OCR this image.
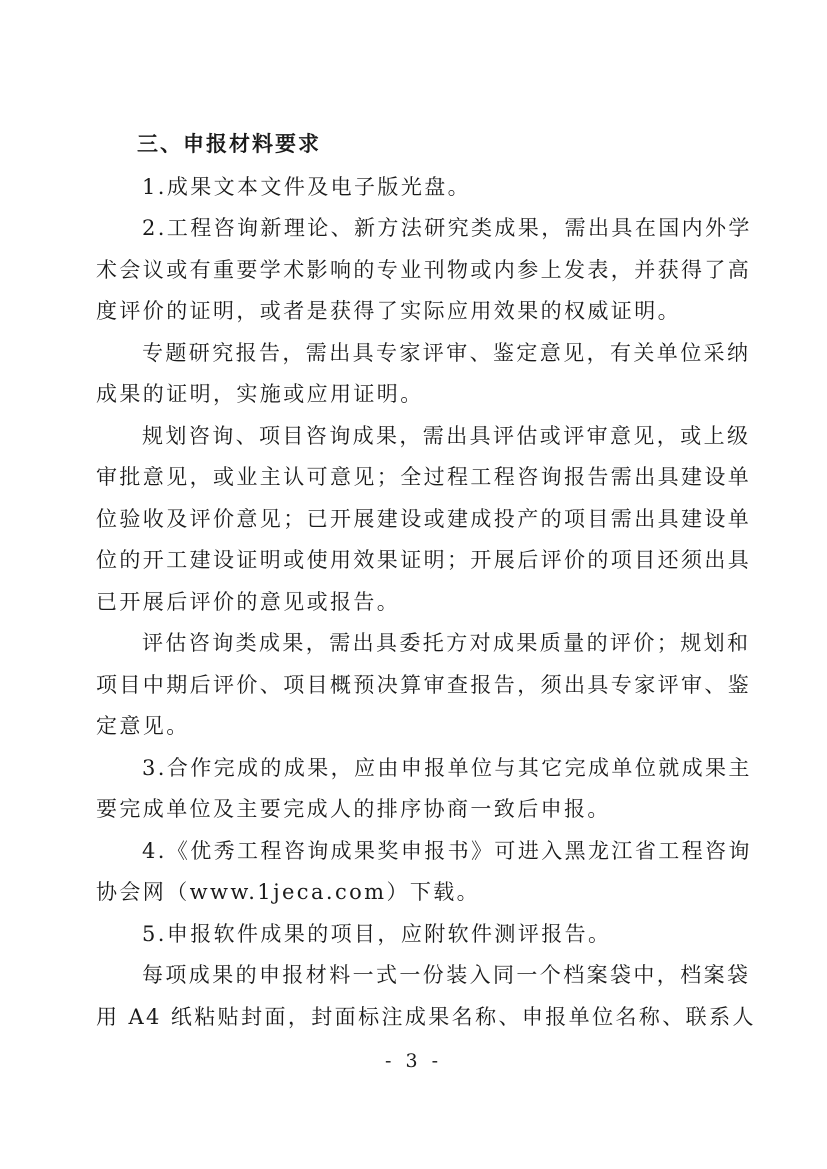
三、申报材料要求
1.成果文本文件及电子版光盘。
2.工程咨询新理论、新方法研究类成果，需出具在国内外学
术会议或有重要学术影响的专业刊物或内参上发表，并获得了高
度评价的证明，或者是获得了实际应用效果的权威证明。
专题研究报告，需出具专家评审、鉴定意见，有关单位采纳
成果的证明，实施或应用证明。
规划咨询、项目咨询成果，需出具评估或评审意见，或上级
审批意见，或业主认可意见；全过程工程咨询报告需出具建设单
位验收及评价意见；已开展建设或建成投产的项目需出具建设单
位的开工建设证明或使用效果证明；开展后评价的项目还须出具
已开展后评价的意见或报告。
评估咨询类成果，需出具委托方对成果质量的评价；规划和
项目中期后评价、项目概预决算审查报告，须出具专家评审、鉴
定意见。
3.合作完成的成果，应由申报单位与其它完成单位就成果主
要完成单位及主要完成人的排序协商一致后申报。
4.《优秀工程咨询成果奖申报书》可进入黑龙江省工程咨询
协会网（www.1jeca.com）下载。
5.申报软件成果的项目，应附软件测评报告。
每项成果的申报材料一式一份装入同一个档案袋中，档案袋
用 A4 纸粘贴封面，封面标注成果名称、申报单位名称、联系人
- 3 -
